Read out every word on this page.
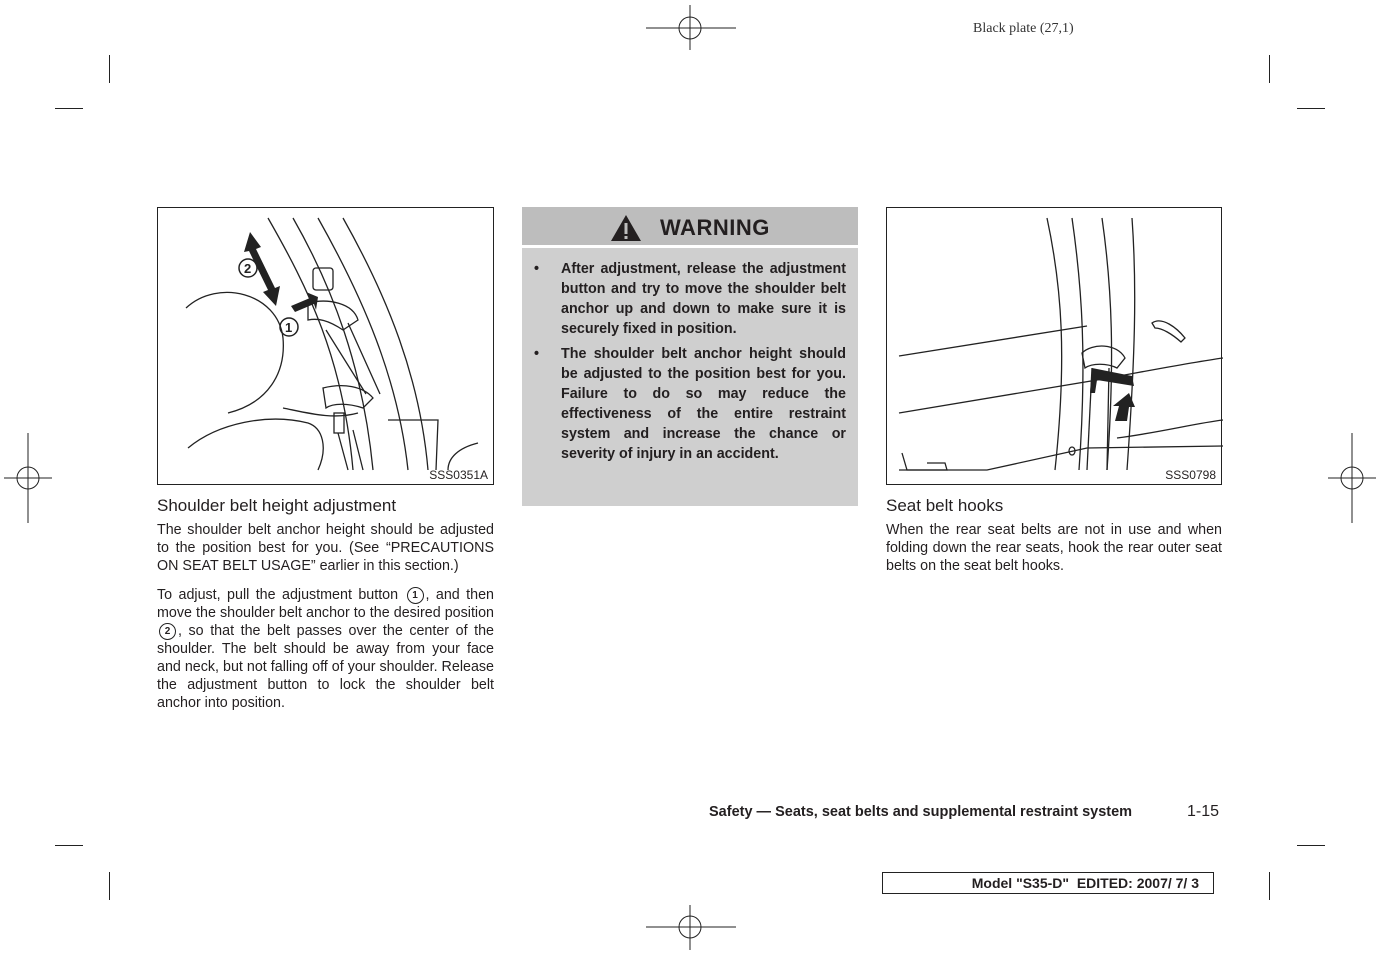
Black plate (27,1)
2
1
SSS0351A
Shoulder belt height adjustment

The shoulder belt anchor height should be adjusted to the position best for you. (See “PRECAUTIONS ON SEAT BELT USAGE” earlier in this section.)

To adjust, pull the adjustment button 1 , and then move the shoulder belt anchor to the desired position 2 , so that the belt passes over the center of the shoulder. The belt should be away from your face and neck, but not falling off of your shoulder. Release the adjustment button to lock the shoulder belt anchor into position.

WARNING
• After adjustment, release the adjustment button and try to move the shoulder belt anchor up and down to make sure it is securely fixed in position.
• The shoulder belt anchor height should be adjusted to the position best for you. Failure to do so may reduce the effectiveness of the entire restraint system and increase the chance or severity of injury in an accident.
SSS0798
Seat belt hooks

When the rear seat belts are not in use and when folding down the rear seats, hook the rear outer seat belts on the seat belt hooks.

Safety — Seats, seat belts and supplemental restraint system	1-15
Model "S35-D" EDITED: 2007/ 7/ 3
